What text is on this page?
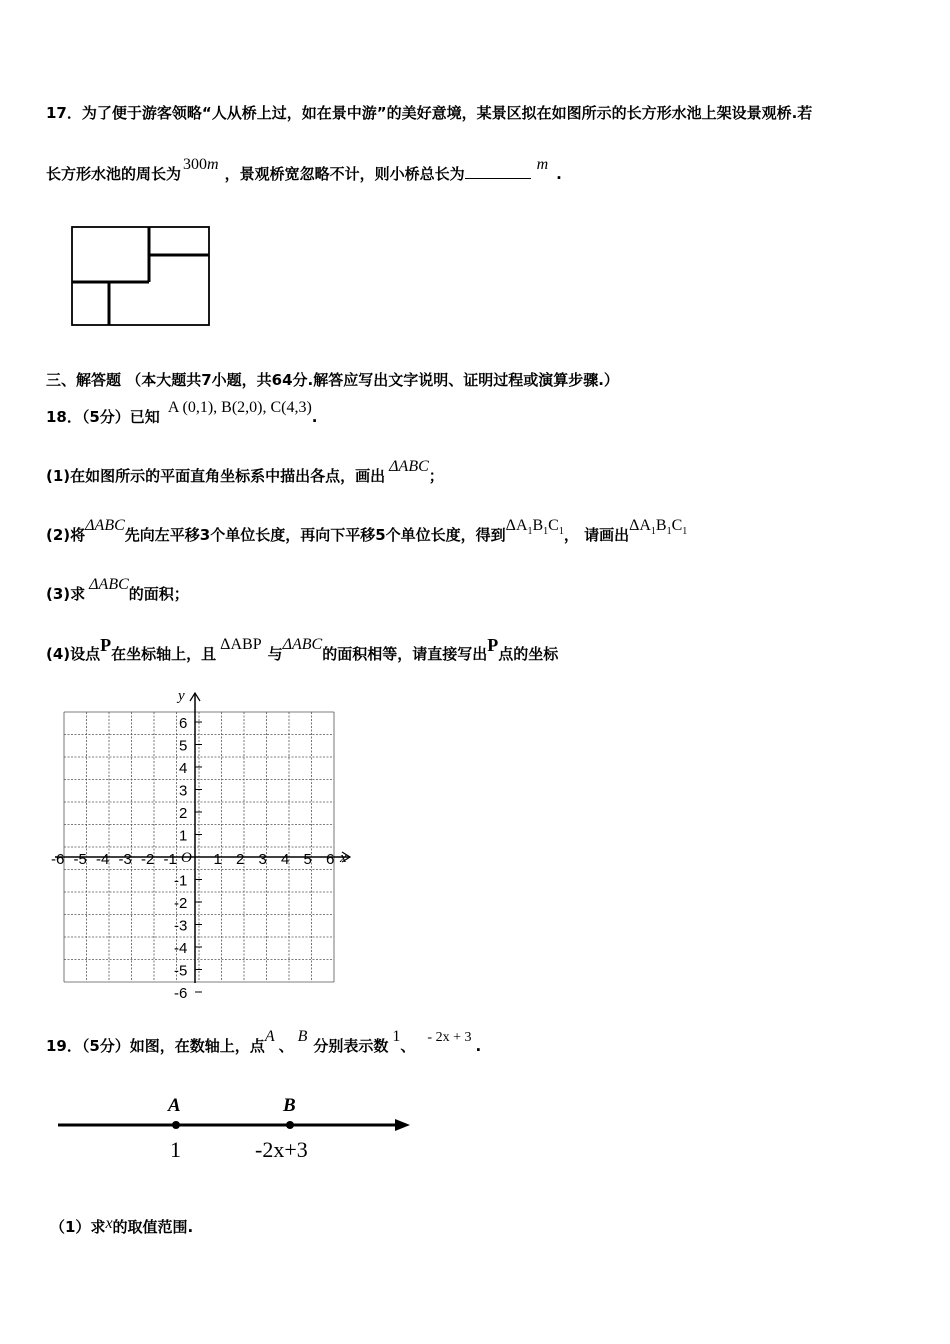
17．为了便于游客领略“人从桥上过，如在景中游”的美好意境，某景区拟在如图所示的长方形水池上架设景观桥.若
长方形水池的周长为300m，景观桥宽忽略不计，则小桥总长为m.
三、解答题 （本大题共7小题，共64分.解答应写出文字说明、证明过程或演算步骤.）
18．（5分）已知A (0,1), B(2,0), C(4,3).
(1)在如图所示的平面直角坐标系中描出各点，画出ΔABC；
(2)将ΔABC先向左平移3个单位长度，再向下平移5个单位长度，得到$\Delta A_1B_1C_1$， 请画出$\Delta A_1B_1C_1$
(3)求ΔABC的面积；
(4)设点P在坐标轴上，且ΔABP与ΔABC的面积相等，请直接写出P点的坐标
x
y
O
-6 -5 -4 -3 -2 -1 1 2 3 4 5 6
6
5
4
3
2
1
-1
-2
-3
-4
-5
-6
19．（5分）如图，在数轴上，点A、B分别表示数1、 - 2x + 3 .
A	B
1	-2x+3
（1）求x的取值范围.
